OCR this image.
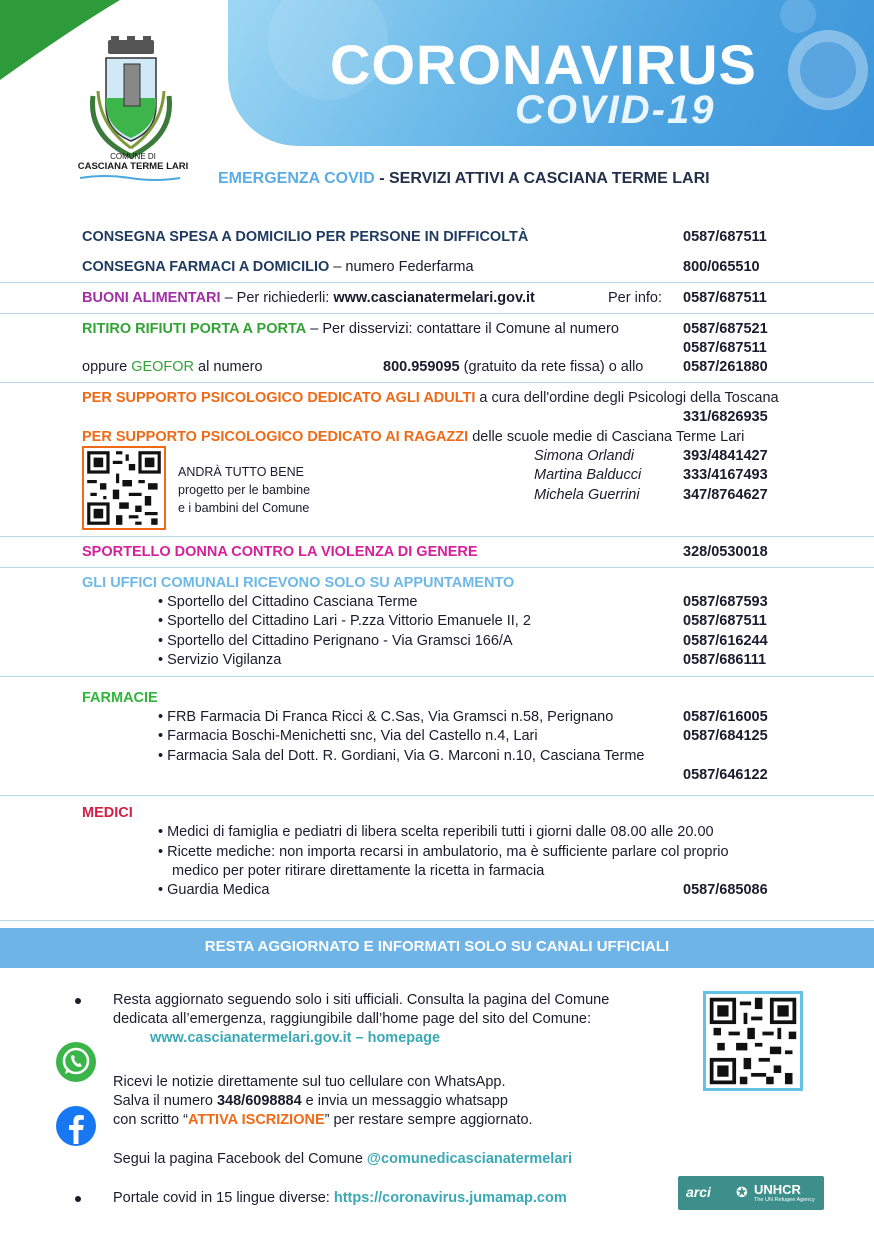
CORONAVIRUS
COVID-19
COMUNE DI
CASCIANA TERME LARI
EMERGENZA COVID - SERVIZI ATTIVI A CASCIANA TERME LARI
CONSEGNA SPESA A DOMICILIO PER PERSONE IN DIFFICOLTÀ	0587/687511
CONSEGNA FARMACI A DOMICILIO – numero Federfarma	800/065510
BUONI ALIMENTARI – Per richiederli: www.cascianatermelari.gov.it	Per info: 0587/687511
RITIRO RIFIUTI PORTA A PORTA – Per disservizi: contattare il Comune al numero	0587/687521
0587/687511
oppure GEOFOR al numero	800.959095 (gratuito da rete fissa) o allo	0587/261880
PER SUPPORTO PSICOLOGICO DEDICATO AGLI ADULTI a cura dell'ordine degli Psicologi della Toscana
331/6826935
PER SUPPORTO PSICOLOGICO DEDICATO AI RAGAZZI delle scuole medie di Casciana Terme Lari
ANDRÀ TUTTO BENE
progetto per le bambine
e i bambini del Comune
Simona Orlandi	393/4841427
Martina Balducci	333/4167493
Michela Guerrini	347/8764627
SPORTELLO DONNA CONTRO LA VIOLENZA DI GENERE	328/0530018
GLI UFFICI COMUNALI RICEVONO SOLO SU APPUNTAMENTO
• Sportello del Cittadino Casciana Terme	0587/687593
• Sportello del Cittadino Lari - P.zza Vittorio Emanuele II, 2	0587/687511
• Sportello del Cittadino Perignano - Via Gramsci 166/A	0587/616244
• Servizio Vigilanza	0587/686111
FARMACIE
• FRB Farmacia Di Franca Ricci & C.Sas, Via Gramsci n.58, Perignano	0587/616005
• Farmacia Boschi-Menichetti snc, Via del Castello n.4, Lari	0587/684125
• Farmacia Sala del Dott. R. Gordiani, Via G. Marconi n.10, Casciana Terme
0587/646122
MEDICI
• Medici di famiglia e pediatri di libera scelta reperibili tutti i giorni dalle 08.00 alle 20.00
• Ricette mediche: non importa recarsi in ambulatorio, ma è sufficiente parlare col proprio
medico per poter ritirare direttamente la ricetta in farmacia
• Guardia Medica	0587/685086
RESTA AGGIORNATO E INFORMATI SOLO SU CANALI UFFICIALI
Resta aggiornato seguendo solo i siti ufficiali. Consulta la pagina del Comune
dedicata all’emergenza, raggiungibile dall’home page del sito del Comune:
www.cascianatermelari.gov.it – homepage
Ricevi le notizie direttamente sul tuo cellulare con WhatsApp.
Salva il numero 348/6098884 e invia un messaggio whatsapp
con scritto “ATTIVA ISCRIZIONE” per restare sempre aggiornato.
Segui la pagina Facebook del Comune @comunedicascianatermelari
Portale covid in 15 lingue diverse: https://coronavirus.jumamap.com	arci ✪ UNHCR
The UN Refugee Agency
